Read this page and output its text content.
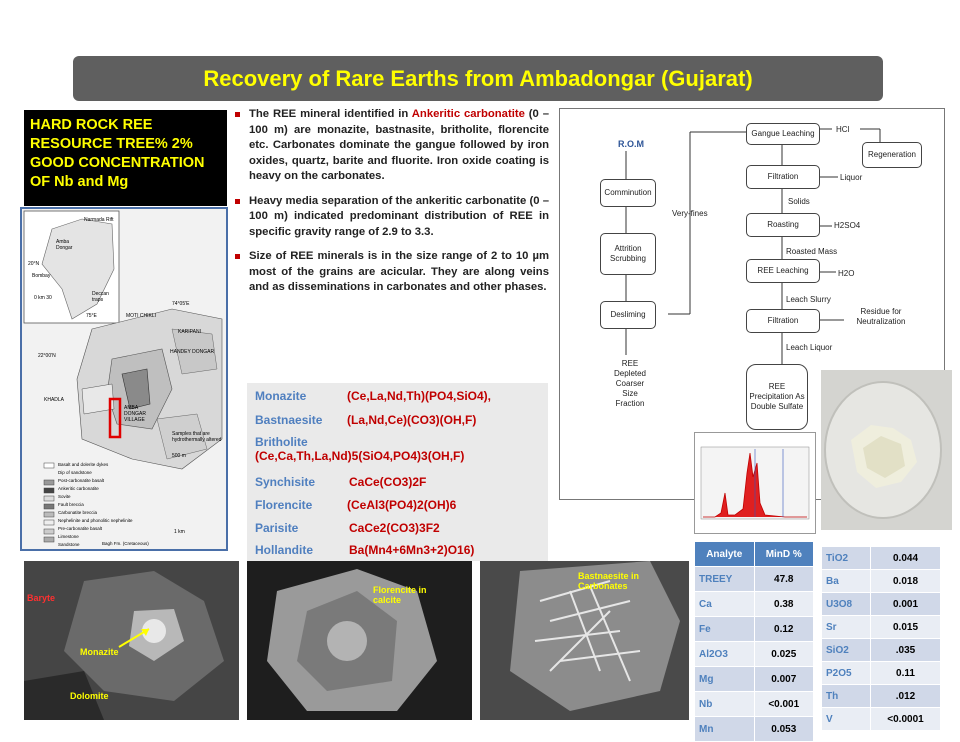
Recovery of Rare Earths from Ambadongar (Gujarat)
HARD ROCK REE
RESOURCE TREE% 2%
GOOD CONCENTRATION
OF Nb and Mg
Narmada Rift
Amba Dongar
20°N
Bombay
0 km 30
Deccan traps
75°E
74°05'E
MOTI CHIKLI
KARIPANI
22°00'N
KHADLA
HANDEY DONGAR
AMBA DONGAR VILLAGE
Samples that are hydrothermally altered
500 m
1 km
Basalt and dolerite dykes
Dip of sandstone
Post-carbonatite basalt
Ankeritic carbonatite
Sovite
Fault breccia
Carbonatite breccia
Nephelinite and phonolitic nephelinite
Pre-carbonatite basalt
Limestone
Sandstone	Bagh Fm. (Cretaceous)
The REE mineral identified in Ankeritic carbonatite (0 – 100 m) are monazite, bastnasite, britholite, florencite etc. Carbonates dominate the gangue followed by iron oxides, quartz, barite and fluorite. Iron oxide coating is heavy on the carbonates.
Heavy media separation of the ankeritic carbonatite (0 – 100 m) indicated predominant distribution of REE in specific gravity range of 2.9 to 3.3.
Size of REE minerals is in the size range of 2 to 10 µm most of the grains are acicular. They are along veins and as disseminations in carbonates and other phases.
Monazite	(Ce,La,Nd,Th)(PO4,SiO4),
Bastnaesite (La,Nd,Ce)(CO3)(OH,F)
Britholite
(Ce,Ca,Th,La,Nd)5(SiO4,PO4)3(OH,F)
Synchisite	CaCe(CO3)2F
Florencite	(CeAl3(PO4)2(OH)6
Parisite	CaCe2(CO3)3F2
Hollandite	Ba(Mn4+6Mn3+2)O16)
R.O.M
Comminution
Attrition Scrubbing
Desliming
REE Depleted Coarser Size Fraction
Very-fines
Gangue Leaching	HCl
Regeneration
Filtration	Liquor
Solids
Roasting	H2SO4
Roasted Mass
REE Leaching	H2O
Leach Slurry
Filtration
Residue for Neutralization
Leach Liquor
REE Precipitation As Double Sulfate
Baryte
Monazite
Dolomite
Florencite in calcite
Bastnaesite in Carbonates
Analyte	MinD %
TREEY	47.8
Ca	0.38
Fe	0.12
Al2O3	0.025
Mg	0.007
Nb	<0.001
Mn	0.053
TiO2	0.044
Ba	0.018
U3O8	0.001
Sr	0.015
SiO2	.035
P2O5	0.11
Th	.012
V	<0.0001
